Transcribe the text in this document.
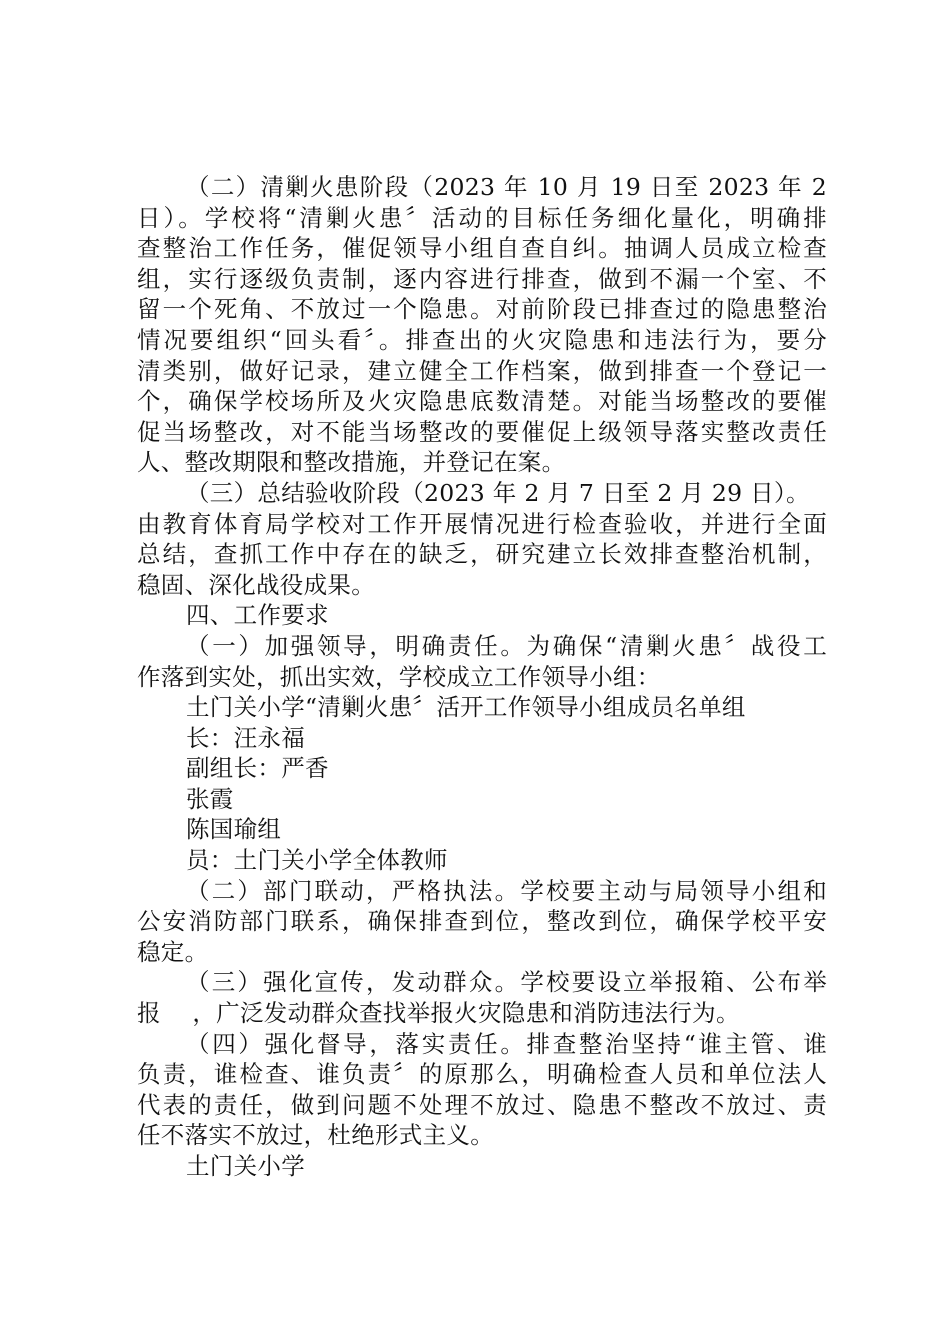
（二）清剿火患阶段（2023 年 10 月 19 日至 2023 年 2
日）。学校将“清剿火患〞活动的目标任务细化量化，明确排
查整治工作任务，催促领导小组自查自纠。抽调人员成立检查
组，实行逐级负责制，逐内容进行排查，做到不漏一个室、不
留一个死角、不放过一个隐患。对前阶段已排查过的隐患整治
情况要组织“回头看〞。排查出的火灾隐患和违法行为，要分
清类别，做好记录，建立健全工作档案，做到排查一个登记一
个，确保学校场所及火灾隐患底数清楚。对能当场整改的要催
促当场整改，对不能当场整改的要催促上级领导落实整改责任
人、整改期限和整改措施，并登记在案。
（三）总结验收阶段（2023 年 2 月 7 日至 2 月 29 日）。
由教育体育局学校对工作开展情况进行检查验收，并进行全面
总结，查抓工作中存在的缺乏，研究建立长效排查整治机制，
稳固、深化战役成果。
四、工作要求
（一）加强领导，明确责任。为确保“清剿火患〞战役工
作落到实处，抓出实效，学校成立工作领导小组：
土门关小学“清剿火患〞活开工作领导小组成员名单组
长：汪永福
副组长：严香
张霞
陈国瑜组
员：土门关小学全体教师
（二）部门联动，严格执法。学校要主动与局领导小组和
公安消防部门联系，确保排查到位，整改到位，确保学校平安
稳定。
（三）强化宣传，发动群众。学校要设立举报箱、公布举
报　 ，广泛发动群众查找举报火灾隐患和消防违法行为。
（四）强化督导，落实责任。排查整治坚持“谁主管、谁
负责，谁检查、谁负责〞的原那么，明确检查人员和单位法人
代表的责任，做到问题不处理不放过、隐患不整改不放过、责
任不落实不放过，杜绝形式主义。
土门关小学
